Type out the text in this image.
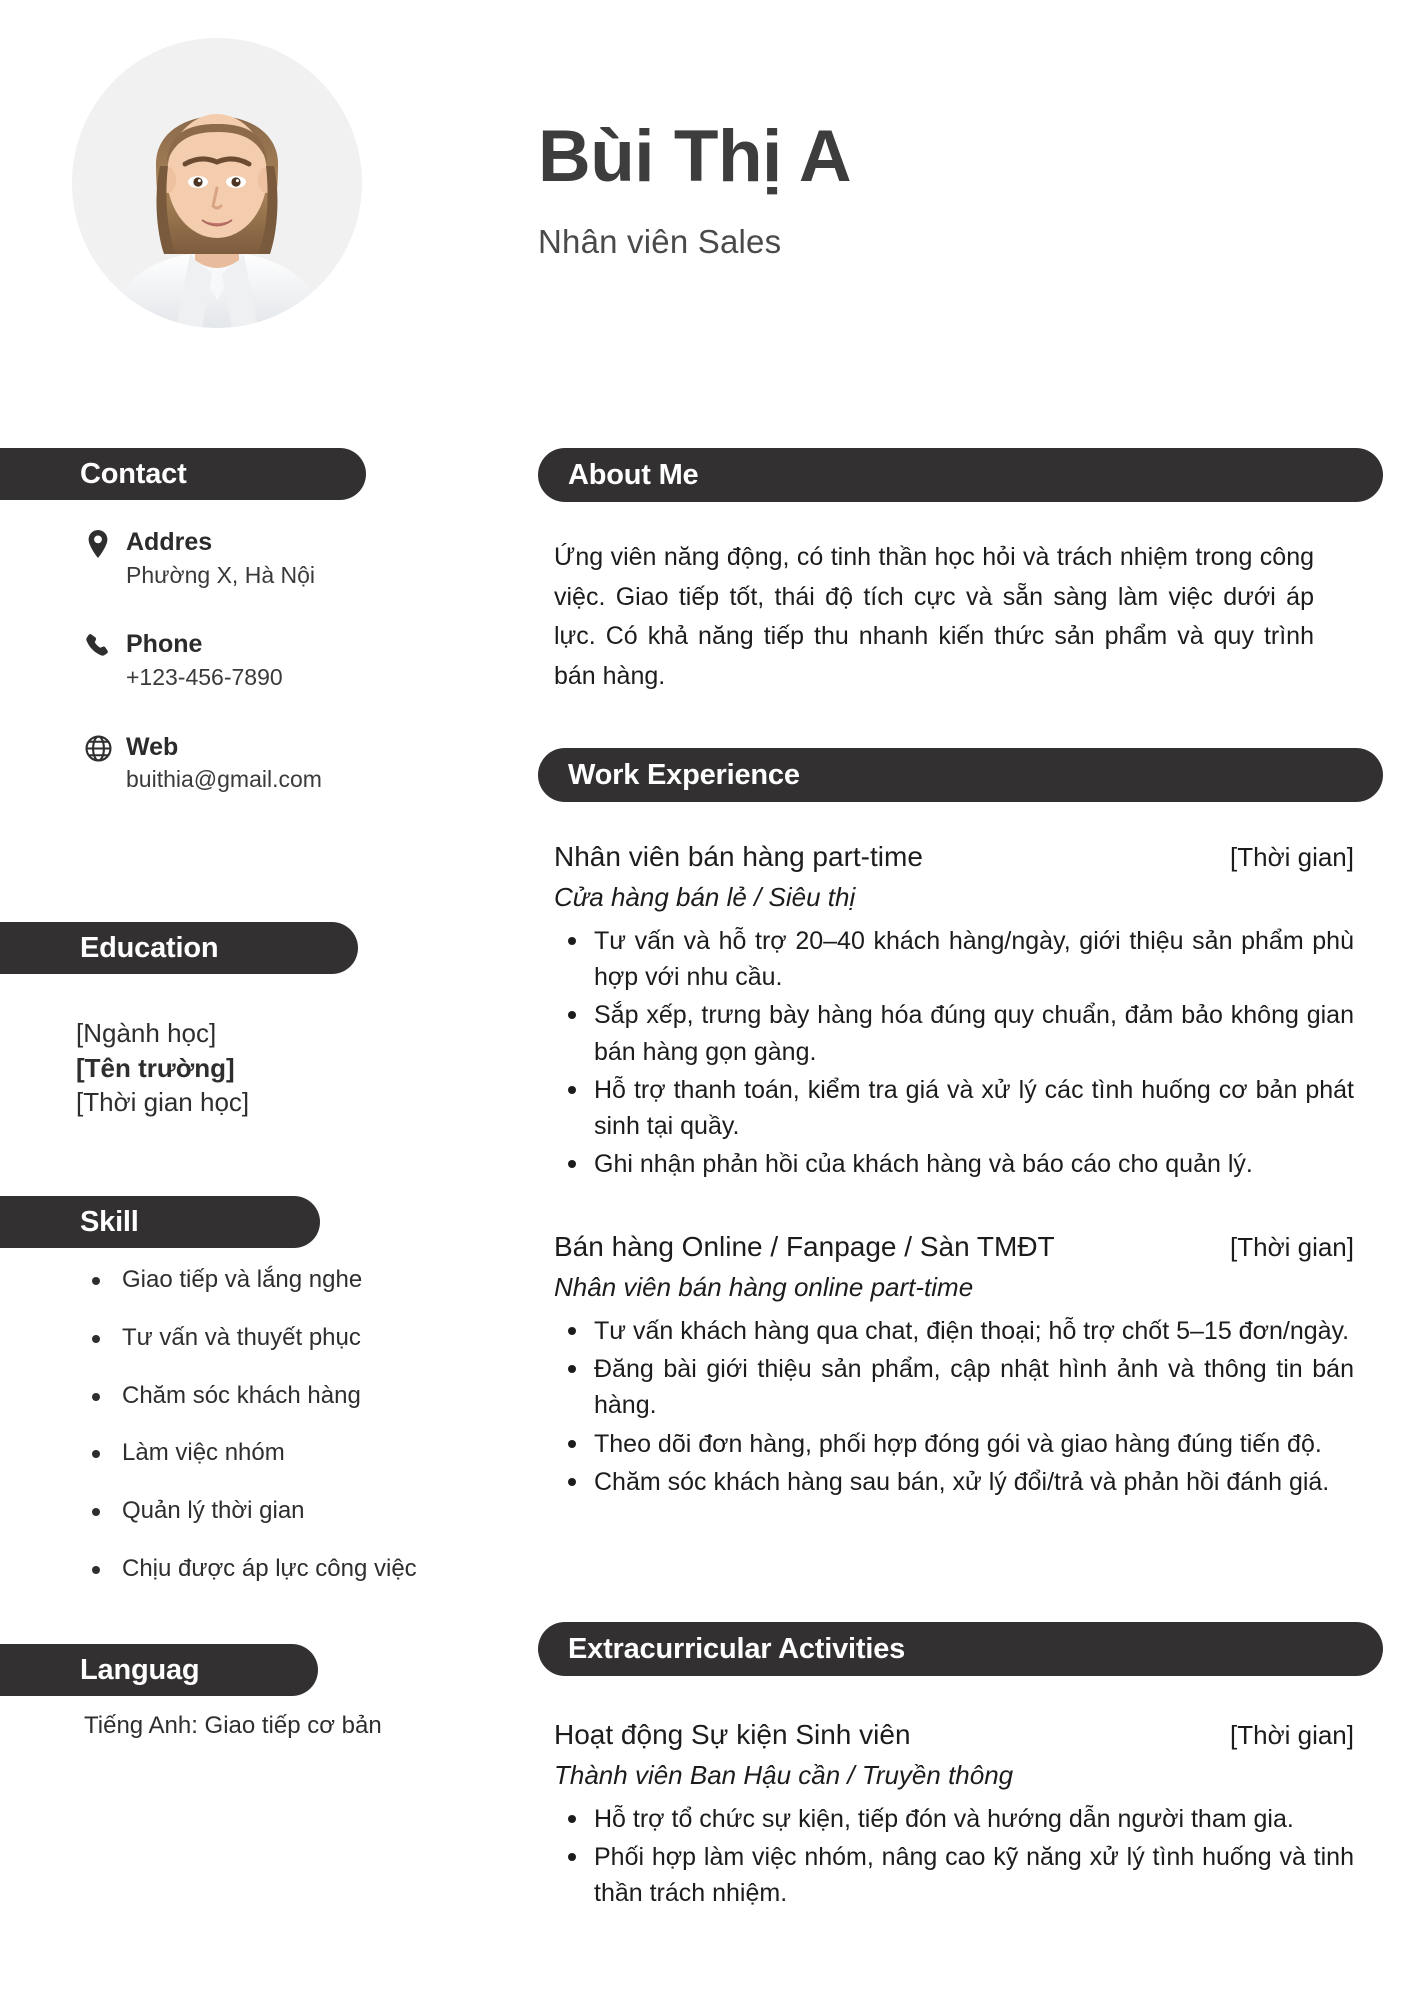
Bùi Thị A
Nhân viên Sales
Contact
Addres
Phường X, Hà Nội
Phone
+123-456-7890
Web
buithia@gmail.com
Education
[Ngành học]
[Tên trường]
[Thời gian học]
Skill
Giao tiếp và lắng nghe
Tư vấn và thuyết phục
Chăm sóc khách hàng
Làm việc nhóm
Quản lý thời gian
Chịu được áp lực công việc
Languag
Tiếng Anh: Giao tiếp cơ bản
About Me
Ứng viên năng động, có tinh thần học hỏi và trách nhiệm trong công việc. Giao tiếp tốt, thái độ tích cực và sẵn sàng làm việc dưới áp lực. Có khả năng tiếp thu nhanh kiến thức sản phẩm và quy trình bán hàng.
Work Experience
Nhân viên bán hàng part-time	[Thời gian]
Cửa hàng bán lẻ / Siêu thị
Tư vấn và hỗ trợ 20–40 khách hàng/ngày, giới thiệu sản phẩm phù hợp với nhu cầu.
Sắp xếp, trưng bày hàng hóa đúng quy chuẩn, đảm bảo không gian bán hàng gọn gàng.
Hỗ trợ thanh toán, kiểm tra giá và xử lý các tình huống cơ bản phát sinh tại quầy.
Ghi nhận phản hồi của khách hàng và báo cáo cho quản lý.
Bán hàng Online / Fanpage / Sàn TMĐT	[Thời gian]
Nhân viên bán hàng online part-time
Tư vấn khách hàng qua chat, điện thoại; hỗ trợ chốt 5–15 đơn/ngày.
Đăng bài giới thiệu sản phẩm, cập nhật hình ảnh và thông tin bán hàng.
Theo dõi đơn hàng, phối hợp đóng gói và giao hàng đúng tiến độ.
Chăm sóc khách hàng sau bán, xử lý đổi/trả và phản hồi đánh giá.
Extracurricular Activities
Hoạt động Sự kiện Sinh viên	[Thời gian]
Thành viên Ban Hậu cần / Truyền thông
Hỗ trợ tổ chức sự kiện, tiếp đón và hướng dẫn người tham gia.
Phối hợp làm việc nhóm, nâng cao kỹ năng xử lý tình huống và tinh thần trách nhiệm.
